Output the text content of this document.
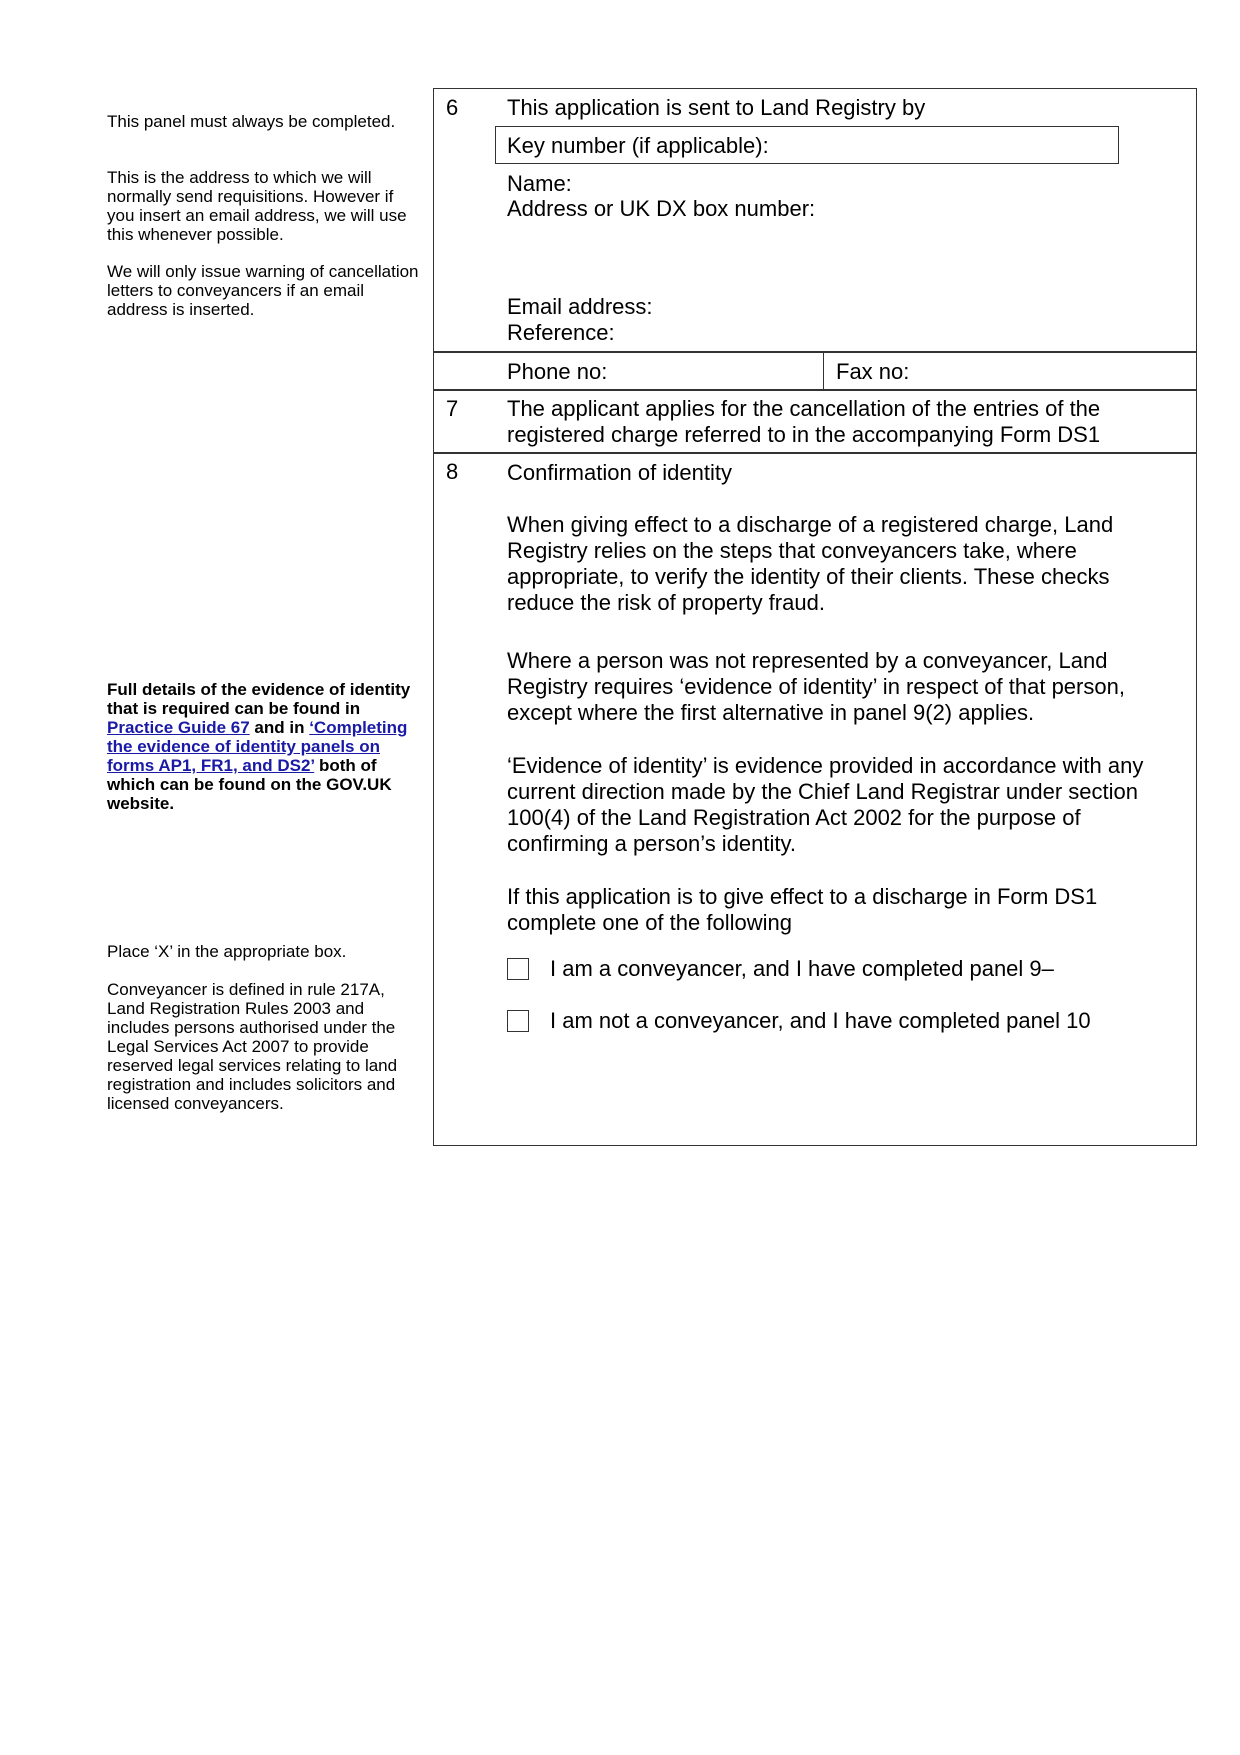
This panel must always be completed.

This is the address to which we will normally send requisitions. However if you insert an email address, we will use this whenever possible.

We will only issue warning of cancellation letters to conveyancers if an email address is inserted.

Full details of the evidence of identity that is required can be found in Practice Guide 67 and in ‘Completing the evidence of identity panels on forms AP1, FR1, and DS2’ both of which can be found on the GOV.UK website.

Place ‘X’ in the appropriate box.

Conveyancer is defined in rule 217A, Land Registration Rules 2003 and includes persons authorised under the Legal Services Act 2007 to provide reserved legal services relating to land registration and includes solicitors and licensed conveyancers.

6 This application is sent to Land Registry by
Key number (if applicable):
Name:
Address or UK DX box number:
Email address:
Reference:
Phone no:	Fax no:
7 The applicant applies for the cancellation of the entries of the registered charge referred to in the accompanying Form DS1
8 Confirmation of identity
When giving effect to a discharge of a registered charge, Land Registry relies on the steps that conveyancers take, where appropriate, to verify the identity of their clients. These checks reduce the risk of property fraud.
Where a person was not represented by a conveyancer, Land Registry requires ‘evidence of identity’ in respect of that person, except where the first alternative in panel 9(2) applies.
‘Evidence of identity’ is evidence provided in accordance with any current direction made by the Chief Land Registrar under section 100(4) of the Land Registration Act 2002 for the purpose of confirming a person’s identity.
If this application is to give effect to a discharge in Form DS1 complete one of the following
I am a conveyancer, and I have completed panel 9–
I am not a conveyancer, and I have completed panel 10
